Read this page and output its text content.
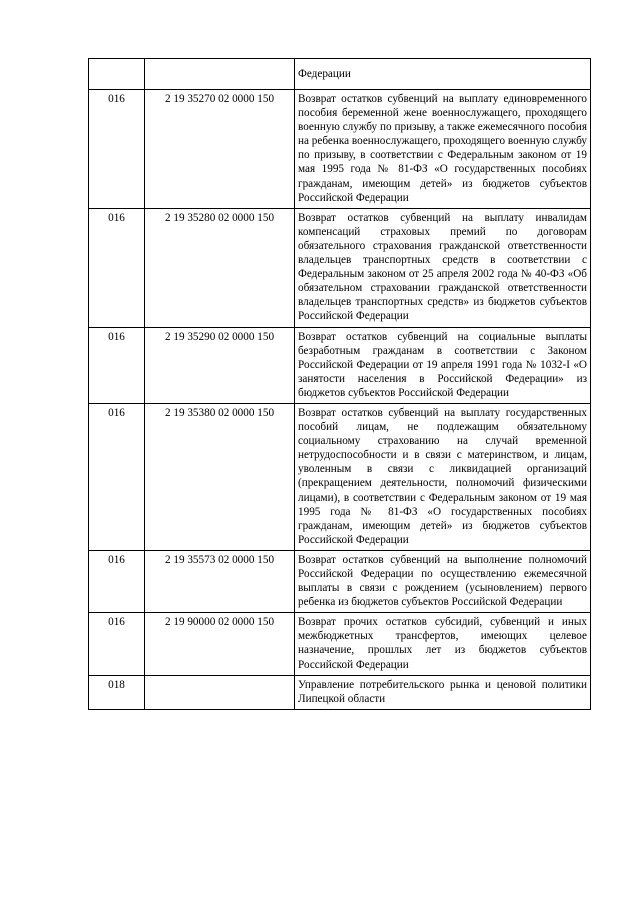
		Федерации
016	2 19 35270 02 0000 150	Возврат остатков субвенций на выплату единовременного пособия беременной жене военнослужащего, проходящего военную службу по призыву, а также ежемесячного пособия на ребенка военнослужащего, проходящего военную службу по призыву, в соответствии с Федеральным законом от 19 мая 1995 года № 81-ФЗ «О государственных пособиях гражданам, имеющим детей» из бюджетов субъектов Российской Федерации
016	2 19 35280 02 0000 150	Возврат остатков субвенций на выплату инвалидам компенсаций страховых премий по договорам обязательного страхования гражданской ответственности владельцев транспортных средств в соответствии с Федеральным законом от 25 апреля 2002 года № 40-ФЗ «Об обязательном страховании гражданской ответственности владельцев транспортных средств» из бюджетов субъектов Российской Федерации
016	2 19 35290 02 0000 150	Возврат остатков субвенций на социальные выплаты безработным гражданам в соответствии с Законом Российской Федерации от 19 апреля 1991 года № 1032-I «О занятости населения в Российской Федерации» из бюджетов субъектов Российской Федерации
016	2 19 35380 02 0000 150	Возврат остатков субвенций на выплату государственных пособий лицам, не подлежащим обязательному социальному страхованию на случай временной нетрудоспособности и в связи с материнством, и лицам, уволенным в связи с ликвидацией организаций (прекращением деятельности, полномочий физическими лицами), в соответствии с Федеральным законом от 19 мая 1995 года № 81-ФЗ «О государственных пособиях гражданам, имеющим детей» из бюджетов субъектов Российской Федерации
016	2 19 35573 02 0000 150	Возврат остатков субвенций на выполнение полномочий Российской Федерации по осуществлению ежемесячной выплаты в связи с рождением (усыновлением) первого ребенка из бюджетов субъектов Российской Федерации
016	2 19 90000 02 0000 150	Возврат прочих остатков субсидий, субвенций и иных межбюджетных трансфертов, имеющих целевое назначение, прошлых лет из бюджетов субъектов Российской Федерации
018		Управление потребительского рынка и ценовой политики Липецкой области
